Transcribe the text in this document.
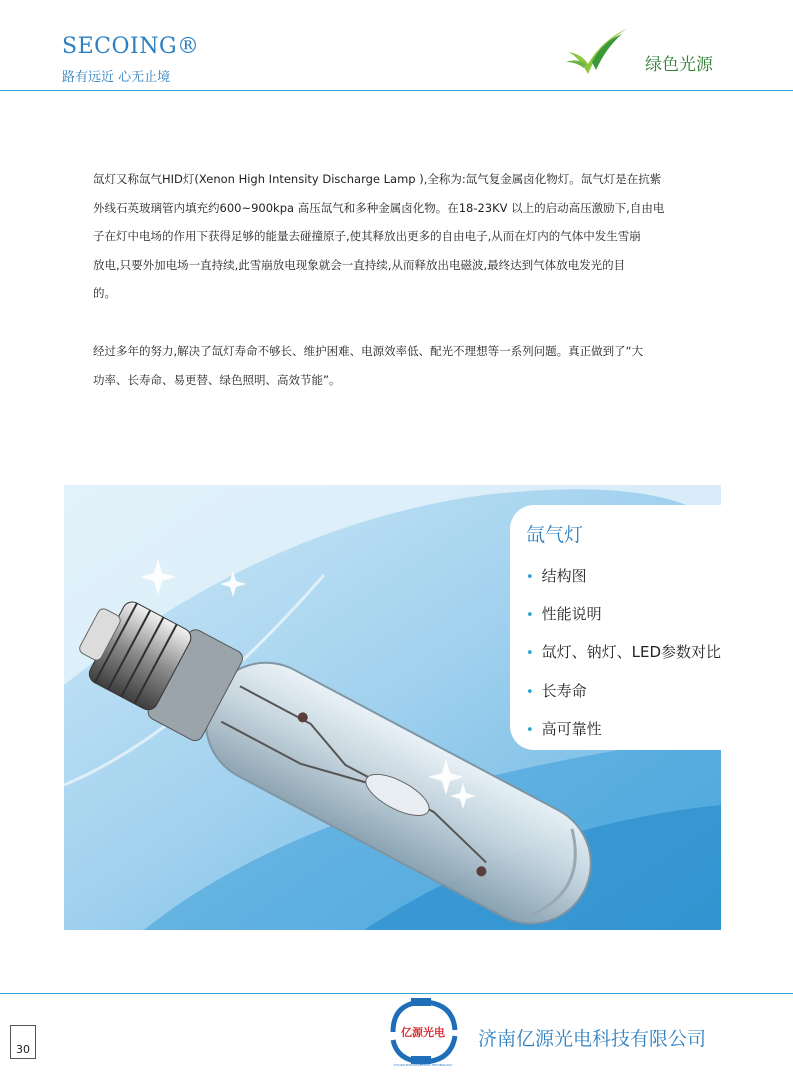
SECOING®
路有远近 心无止境
绿色光源
氙灯又称氙气HID灯(Xenon High Intensity Discharge Lamp ),全称为:氙气复金属卤化物灯。氙气灯是在抗紫
外线石英玻璃管内填充约600~900kpa 高压氙气和多种金属卤化物。在18-23KV 以上的启动高压激励下,自由电
子在灯中电场的作用下获得足够的能量去碰撞原子,使其释放出更多的自由电子,从而在灯内的气体中发生雪崩
放电,只要外加电场一直持续,此雪崩放电现象就会一直持续,从而释放出电磁波,最终达到气体放电发光的目
的。
经过多年的努力,解决了氙灯寿命不够长、维护困难、电源效率低、配光不理想等一系列问题。真正做到了“大
功率、长寿命、易更替、绿色照明、高效节能”。
氙气灯
• 结构图
• 性能说明
• 氙灯、钠灯、LED参数对比
• 长寿命
• 高可靠性
30
亿源光电
YIYUAN PHOTOELECTRIC TECHNOLOGY
济南亿源光电科技有限公司
